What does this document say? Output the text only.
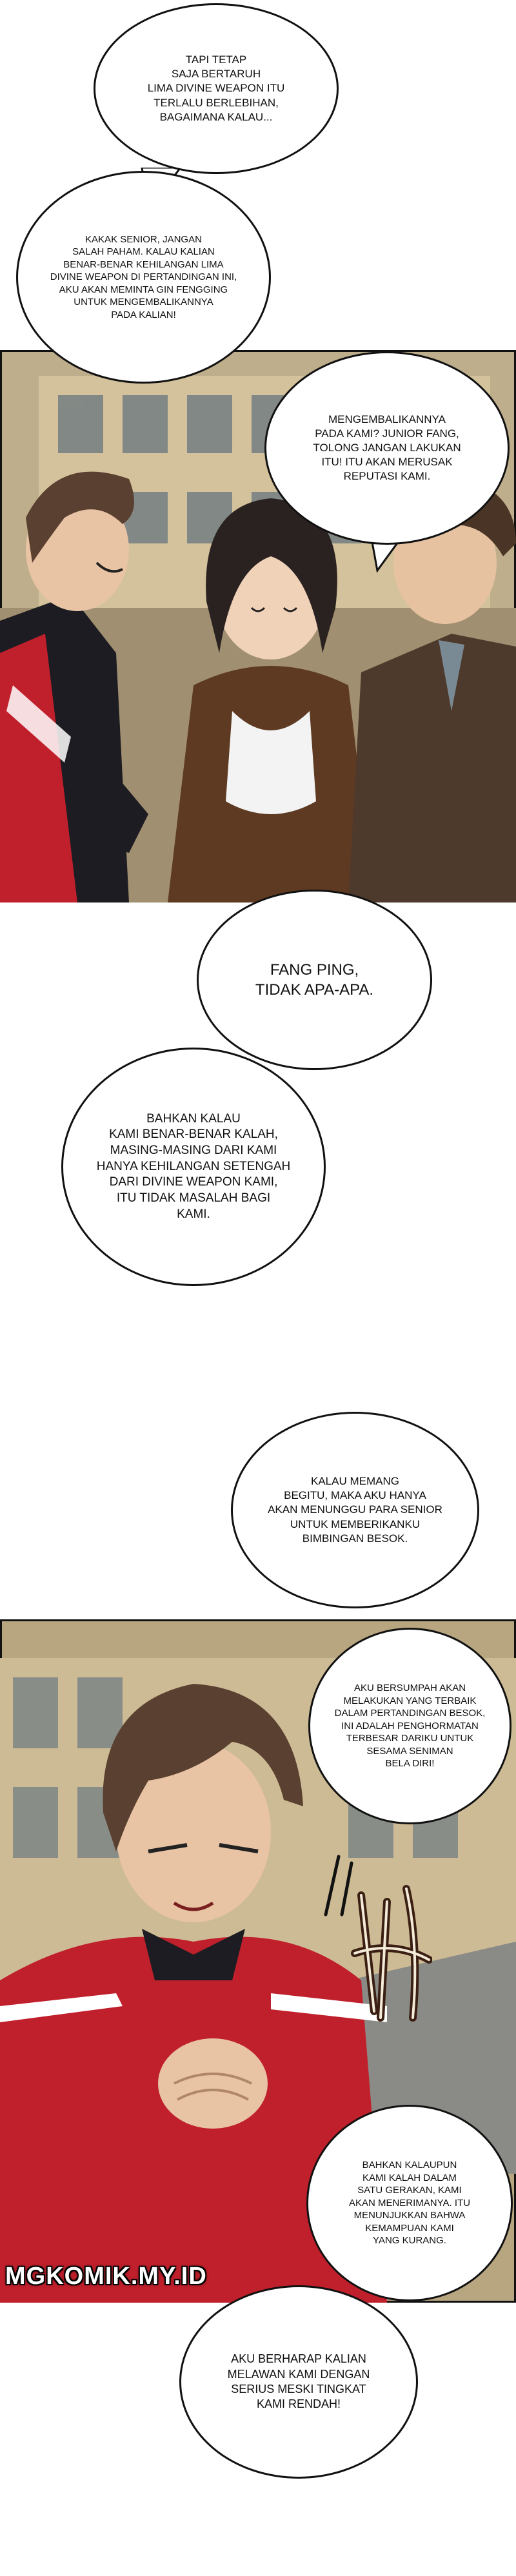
TAPI TETAP
SAJA BERTARUH
LIMA DIVINE WEAPON ITU
TERLALU BERLEBIHAN,
BAGAIMANA KALAU...

KAKAK SENIOR, JANGAN
SALAH PAHAM. KALAU KALIAN
BENAR-BENAR KEHILANGAN LIMA
DIVINE WEAPON DI PERTANDINGAN INI,
AKU AKAN MEMINTA GIN FENGGING
UNTUK MENGEMBALIKANNYA
PADA KALIAN!

MENGEMBALIKANNYA
PADA KAMI? JUNIOR FANG,
TOLONG JANGAN LAKUKAN
ITU! ITU AKAN MERUSAK
REPUTASI KAMI.

FANG PING,
TIDAK APA-APA.

BAHKAN KALAU
KAMI BENAR-BENAR KALAH,
MASING-MASING DARI KAMI
HANYA KEHILANGAN SETENGAH
DARI DIVINE WEAPON KAMI,
ITU TIDAK MASALAH BAGI
KAMI.

KALAU MEMANG
BEGITU, MAKA AKU HANYA
AKAN MENUNGGU PARA SENIOR
UNTUK MEMBERIKANKU
BIMBINGAN BESOK.

AKU BERSUMPAH AKAN
MELAKUKAN YANG TERBAIK
DALAM PERTANDINGAN BESOK,
INI ADALAH PENGHORMATAN
TERBESAR DARIKU UNTUK
SESAMA SENIMAN
BELA DIRI!

BAHKAN KALAUPUN
KAMI KALAH DALAM
SATU GERAKAN, KAMI
AKAN MENERIMANYA. ITU
MENUNJUKKAN BAHWA
KEMAMPUAN KAMI
YANG KURANG.

AKU BERHARAP KALIAN
MELAWAN KAMI DENGAN
SERIUS MESKI TINGKAT
KAMI RENDAH!

MGKOMIK.MY.ID
